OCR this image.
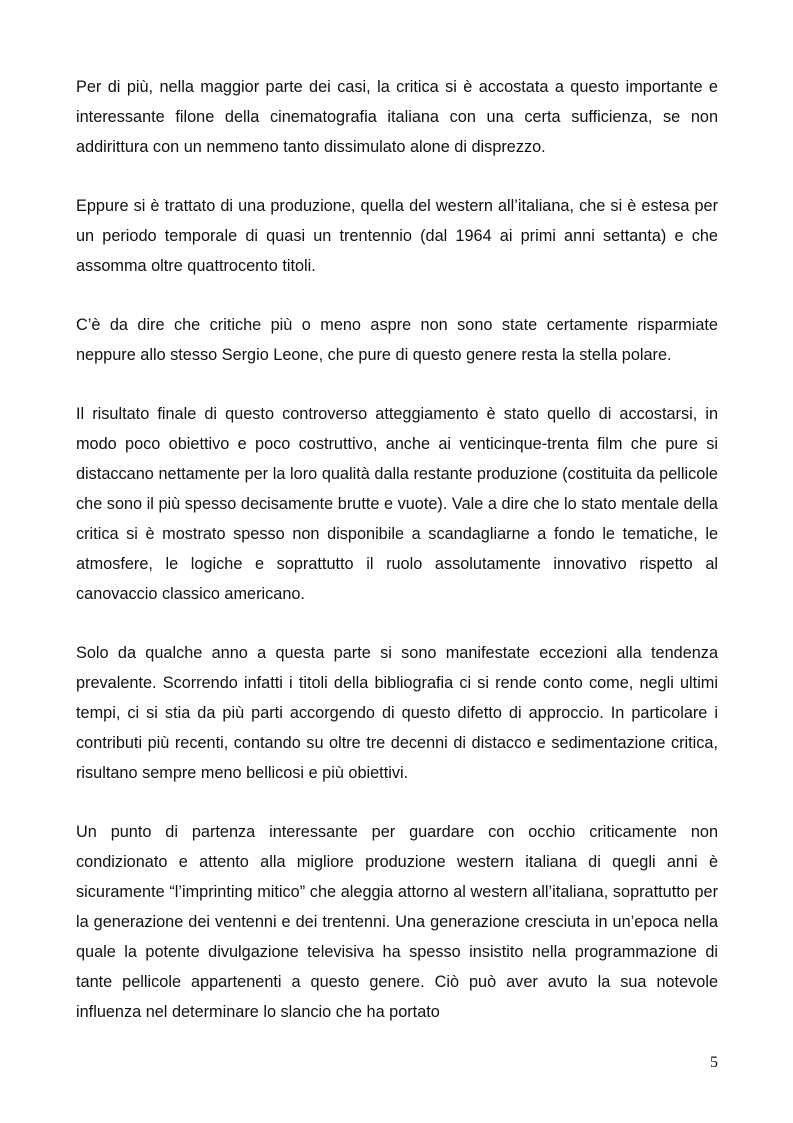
Per di più, nella maggior parte dei casi, la critica si è accostata a questo importante e interessante filone della cinematografia italiana con una certa sufficienza, se non addirittura con un nemmeno tanto dissimulato alone di disprezzo.

Eppure si è trattato di una produzione, quella del western all’italiana, che si è estesa per un periodo temporale di quasi un trentennio (dal 1964 ai primi anni settanta) e che assomma oltre quattrocento titoli.

C’è da dire che critiche più o meno aspre non sono state certamente risparmiate neppure allo stesso Sergio Leone, che pure di questo genere resta la stella polare.

Il risultato finale di questo controverso atteggiamento è stato quello di accostarsi, in modo poco obiettivo e poco costruttivo, anche ai venticinque-trenta film che pure si distaccano nettamente per la loro qualità dalla restante produzione (costituita da pellicole che sono il più spesso decisamente brutte e vuote). Vale a dire che lo stato mentale della critica si è mostrato spesso non disponibile a scandagliarne a fondo le tematiche, le atmosfere, le logiche e soprattutto il ruolo assolutamente innovativo rispetto al canovaccio classico americano.

Solo da qualche anno a questa parte si sono manifestate eccezioni alla tendenza prevalente. Scorrendo infatti i titoli della bibliografia ci si rende conto come, negli ultimi tempi, ci si stia da più parti accorgendo di questo difetto di approccio. In particolare i contributi più recenti, contando su oltre tre decenni di distacco e sedimentazione critica, risultano sempre meno bellicosi e più obiettivi.

Un punto di partenza interessante per guardare con occhio criticamente non condizionato e attento alla migliore produzione western italiana di quegli anni è sicuramente “l’imprinting mitico” che aleggia attorno al western all’italiana, soprattutto per la generazione dei ventenni e dei trentenni. Una generazione cresciuta in un’epoca nella quale la potente divulgazione televisiva ha spesso insistito nella programmazione di tante pellicole appartenenti a questo genere. Ciò può aver avuto la sua notevole influenza nel determinare lo slancio che ha portato

5
